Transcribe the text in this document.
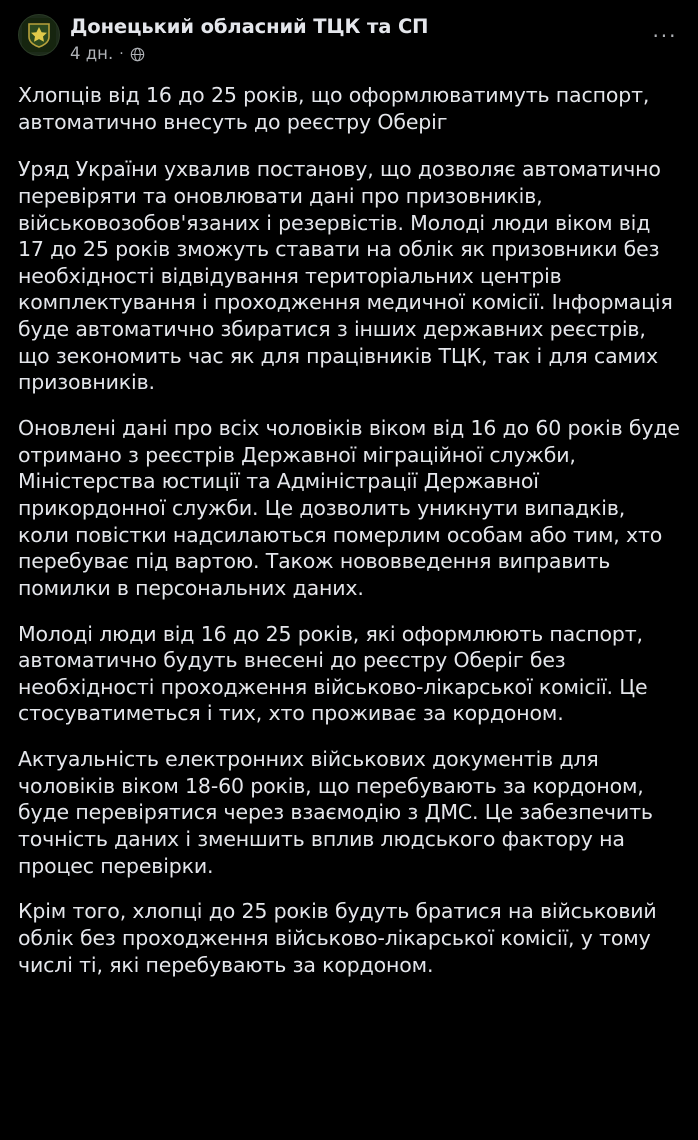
Донецький обласний ТЦК та СП
4 дн. ·
···

Хлопців від 16 до 25 років, що оформлюватимуть паспорт, автоматично внесуть до реєстру Оберіг

Уряд України ухвалив постанову, що дозволяє автоматично перевіряти та оновлювати дані про призовників, військовозобов'язаних і резервістів. Молоді люди віком від 17 до 25 років зможуть ставати на облік як призовники без необхідності відвідування територіальних центрів комплектування і проходження медичної комісії. Інформація буде автоматично збиратися з інших державних реєстрів, що зекономить час як для працівників ТЦК, так і для самих призовників.

Оновлені дані про всіх чоловіків віком від 16 до 60 років буде отримано з реєстрів Державної міграційної служби, Міністерства юстиції та Адміністрації Державної прикордонної служби. Це дозволить уникнути випадків, коли повістки надсилаються померлим особам або тим, хто перебуває під вартою. Також нововведення виправить помилки в персональних даних.

Молоді люди від 16 до 25 років, які оформлюють паспорт, автоматично будуть внесені до реєстру Оберіг без необхідності проходження військово-лікарської комісії. Це стосуватиметься і тих, хто проживає за кордоном.

Актуальність електронних військових документів для чоловіків віком 18-60 років, що перебувають за кордоном, буде перевірятися через взаємодію з ДМС. Це забезпечить точність даних і зменшить вплив людського фактору на процес перевірки.

Крім того, хлопці до 25 років будуть братися на військовий облік без проходження військово-лікарської комісії, у тому числі ті, які перебувають за кордоном.
